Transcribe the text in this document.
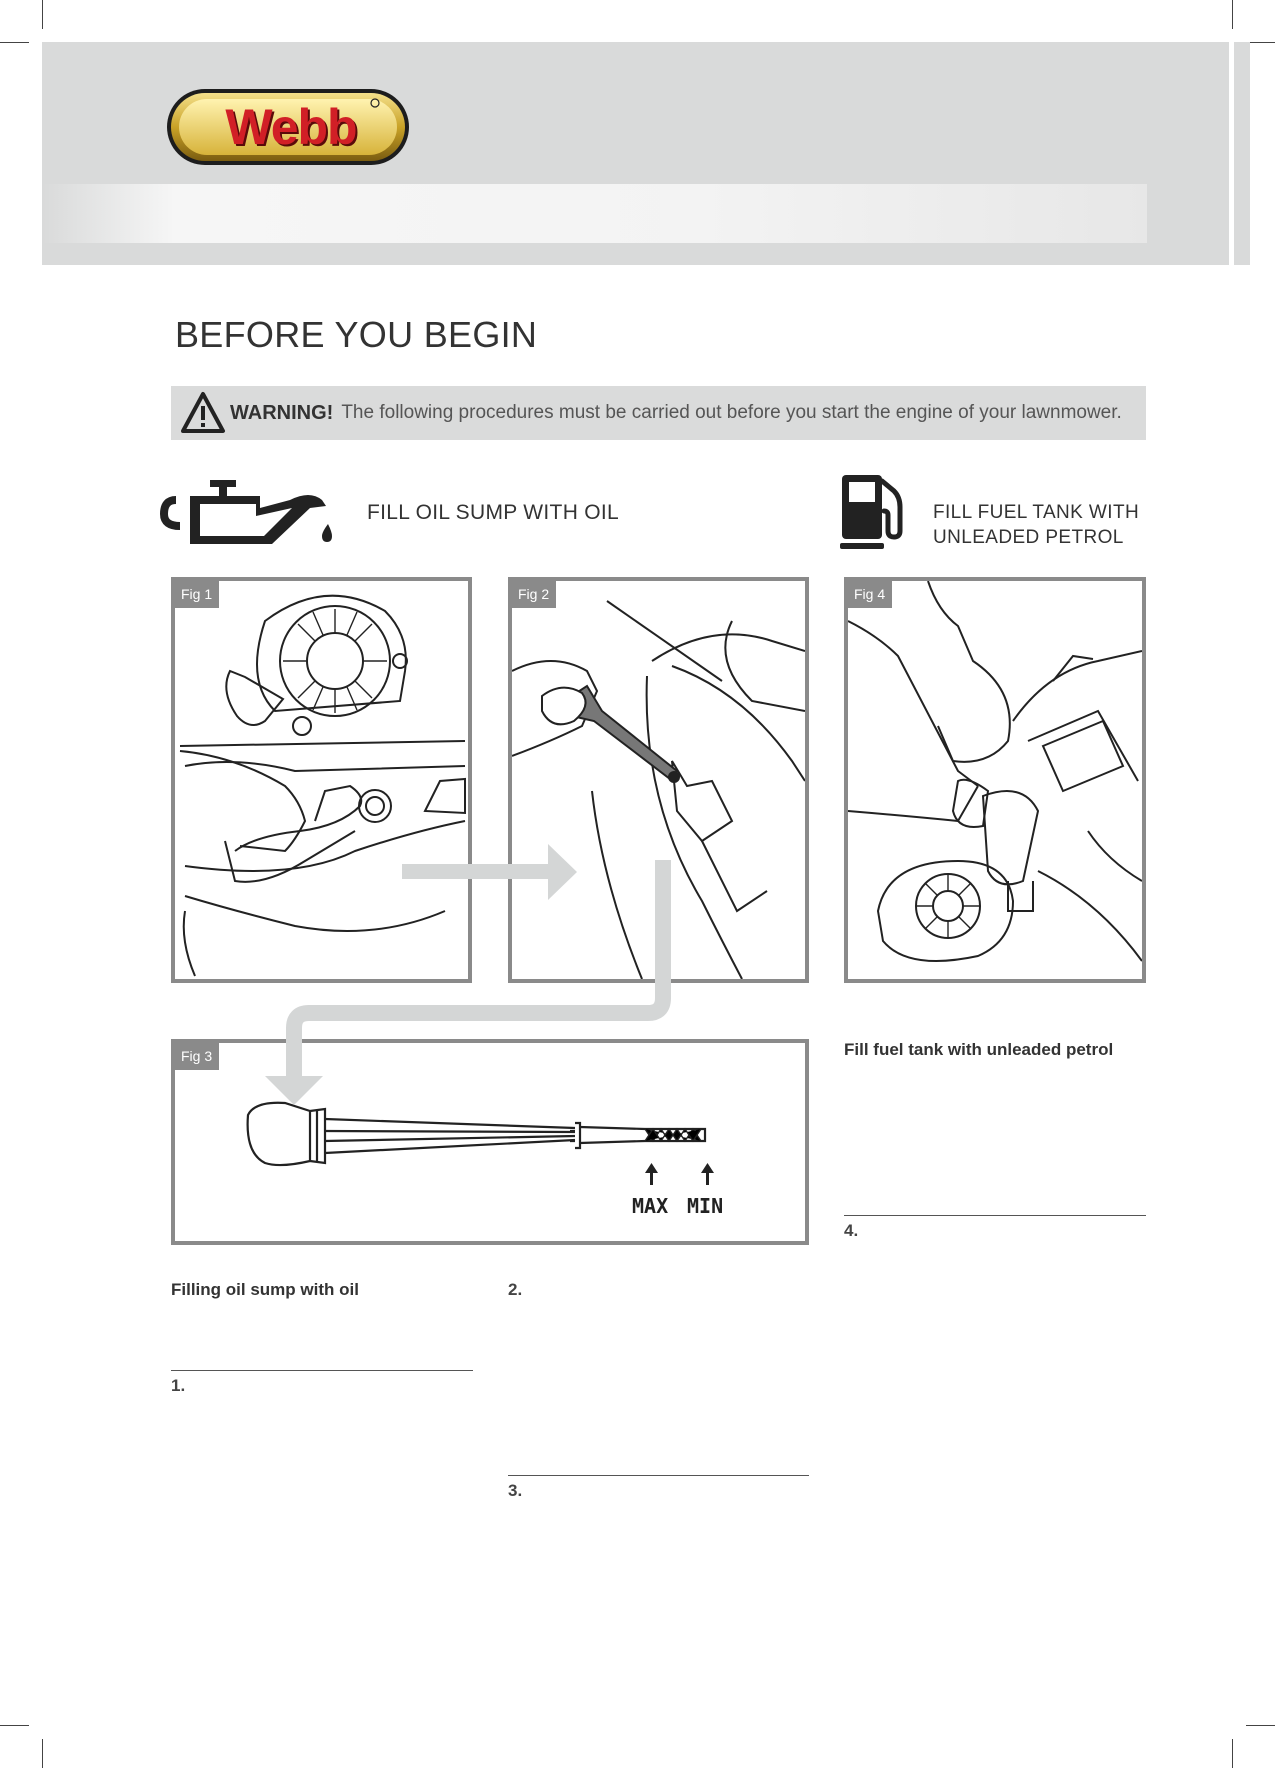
Webb
BEFORE YOU BEGIN
WARNING! The following procedures must be carried out before you start the engine of your lawnmower.
FILL OIL SUMP WITH OIL	FILL FUEL TANK WITH
UNLEADED PETROL
Fig 1	Fig 2	Fig 4
MAX MIN
Fig 3	Fill fuel tank with unleaded petrol
4.
Filling oil sump with oil
1.
2.
3.
